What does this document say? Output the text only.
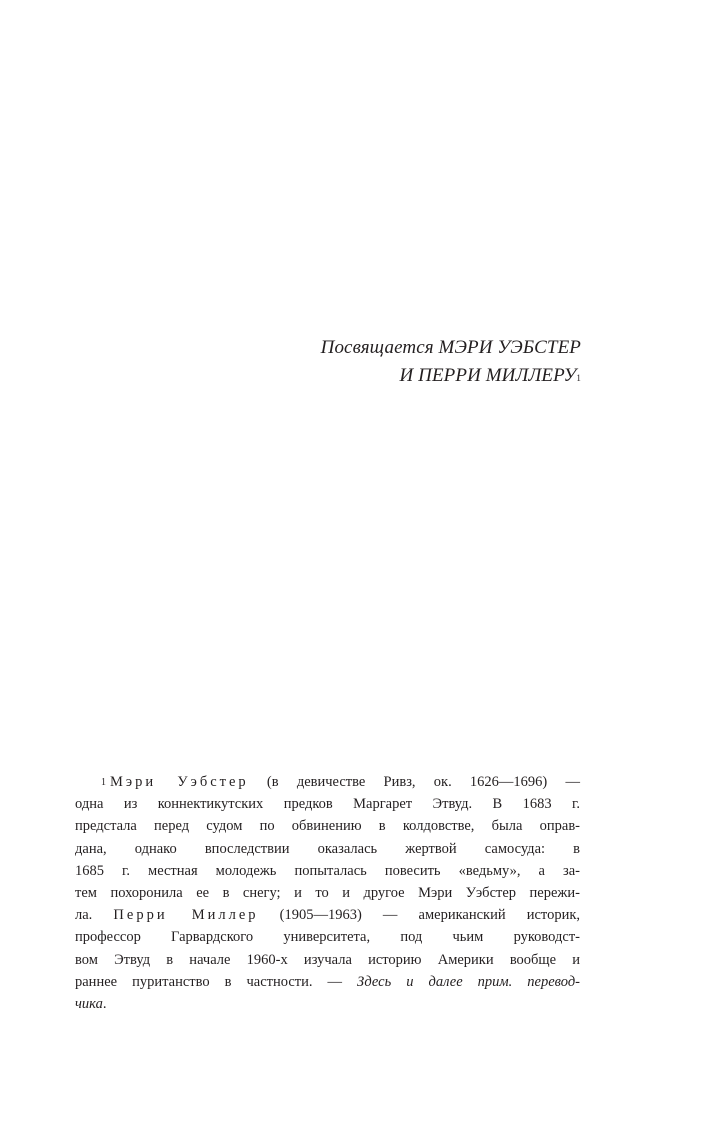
Посвящается МЭРИ УЭБСТЕР
И ПЕРРИ МИЛЛЕРУ$^1$
$^1$ Мэри Уэбстер (в девичестве Ривз, ок. 1626—1696) —
одна из коннектикутских предков Маргарет Этвуд. В 1683 г.
предстала перед судом по обвинению в колдовстве, была оправ-
дана, однако впоследствии оказалась жертвой самосуда: в
1685 г. местная молодежь попыталась повесить «ведьму», а за-
тем похоронила ее в снегу; и то и другое Мэри Уэбстер пережи-
ла. Перри Миллер (1905—1963) — американский историк,
профессор Гарвардского университета, под чьим руководст-
вом Этвуд в начале 1960-х изучала историю Америки вообще и
раннее пуританство в частности. — Здесь и далее прим. перевод-
чика.
